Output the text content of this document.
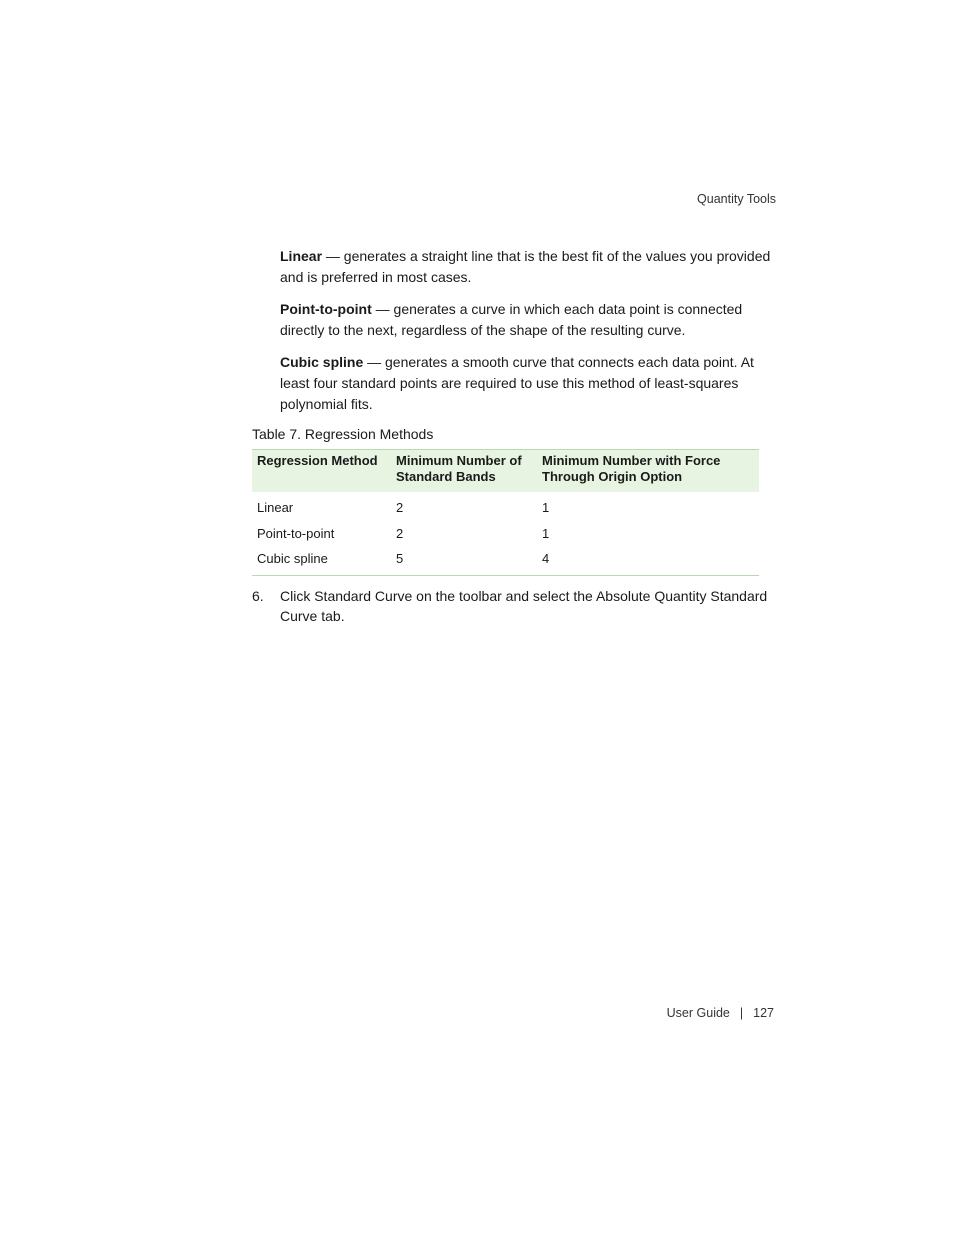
Quantity Tools

Linear — generates a straight line that is the best fit of the values you provided and is preferred in most cases.

Point-to-point — generates a curve in which each data point is connected directly to the next, regardless of the shape of the resulting curve.

Cubic spline — generates a smooth curve that connects each data point. At least four standard points are required to use this method of least-squares polynomial fits.

Table 7. Regression Methods
Regression Method	Minimum Number of Standard Bands	Minimum Number with Force Through Origin Option
Linear	2	1
Point-to-point	2	1
Cubic spline	5	4
6. Click Standard Curve on the toolbar and select the Absolute Quantity Standard Curve tab.
User Guide | 127
